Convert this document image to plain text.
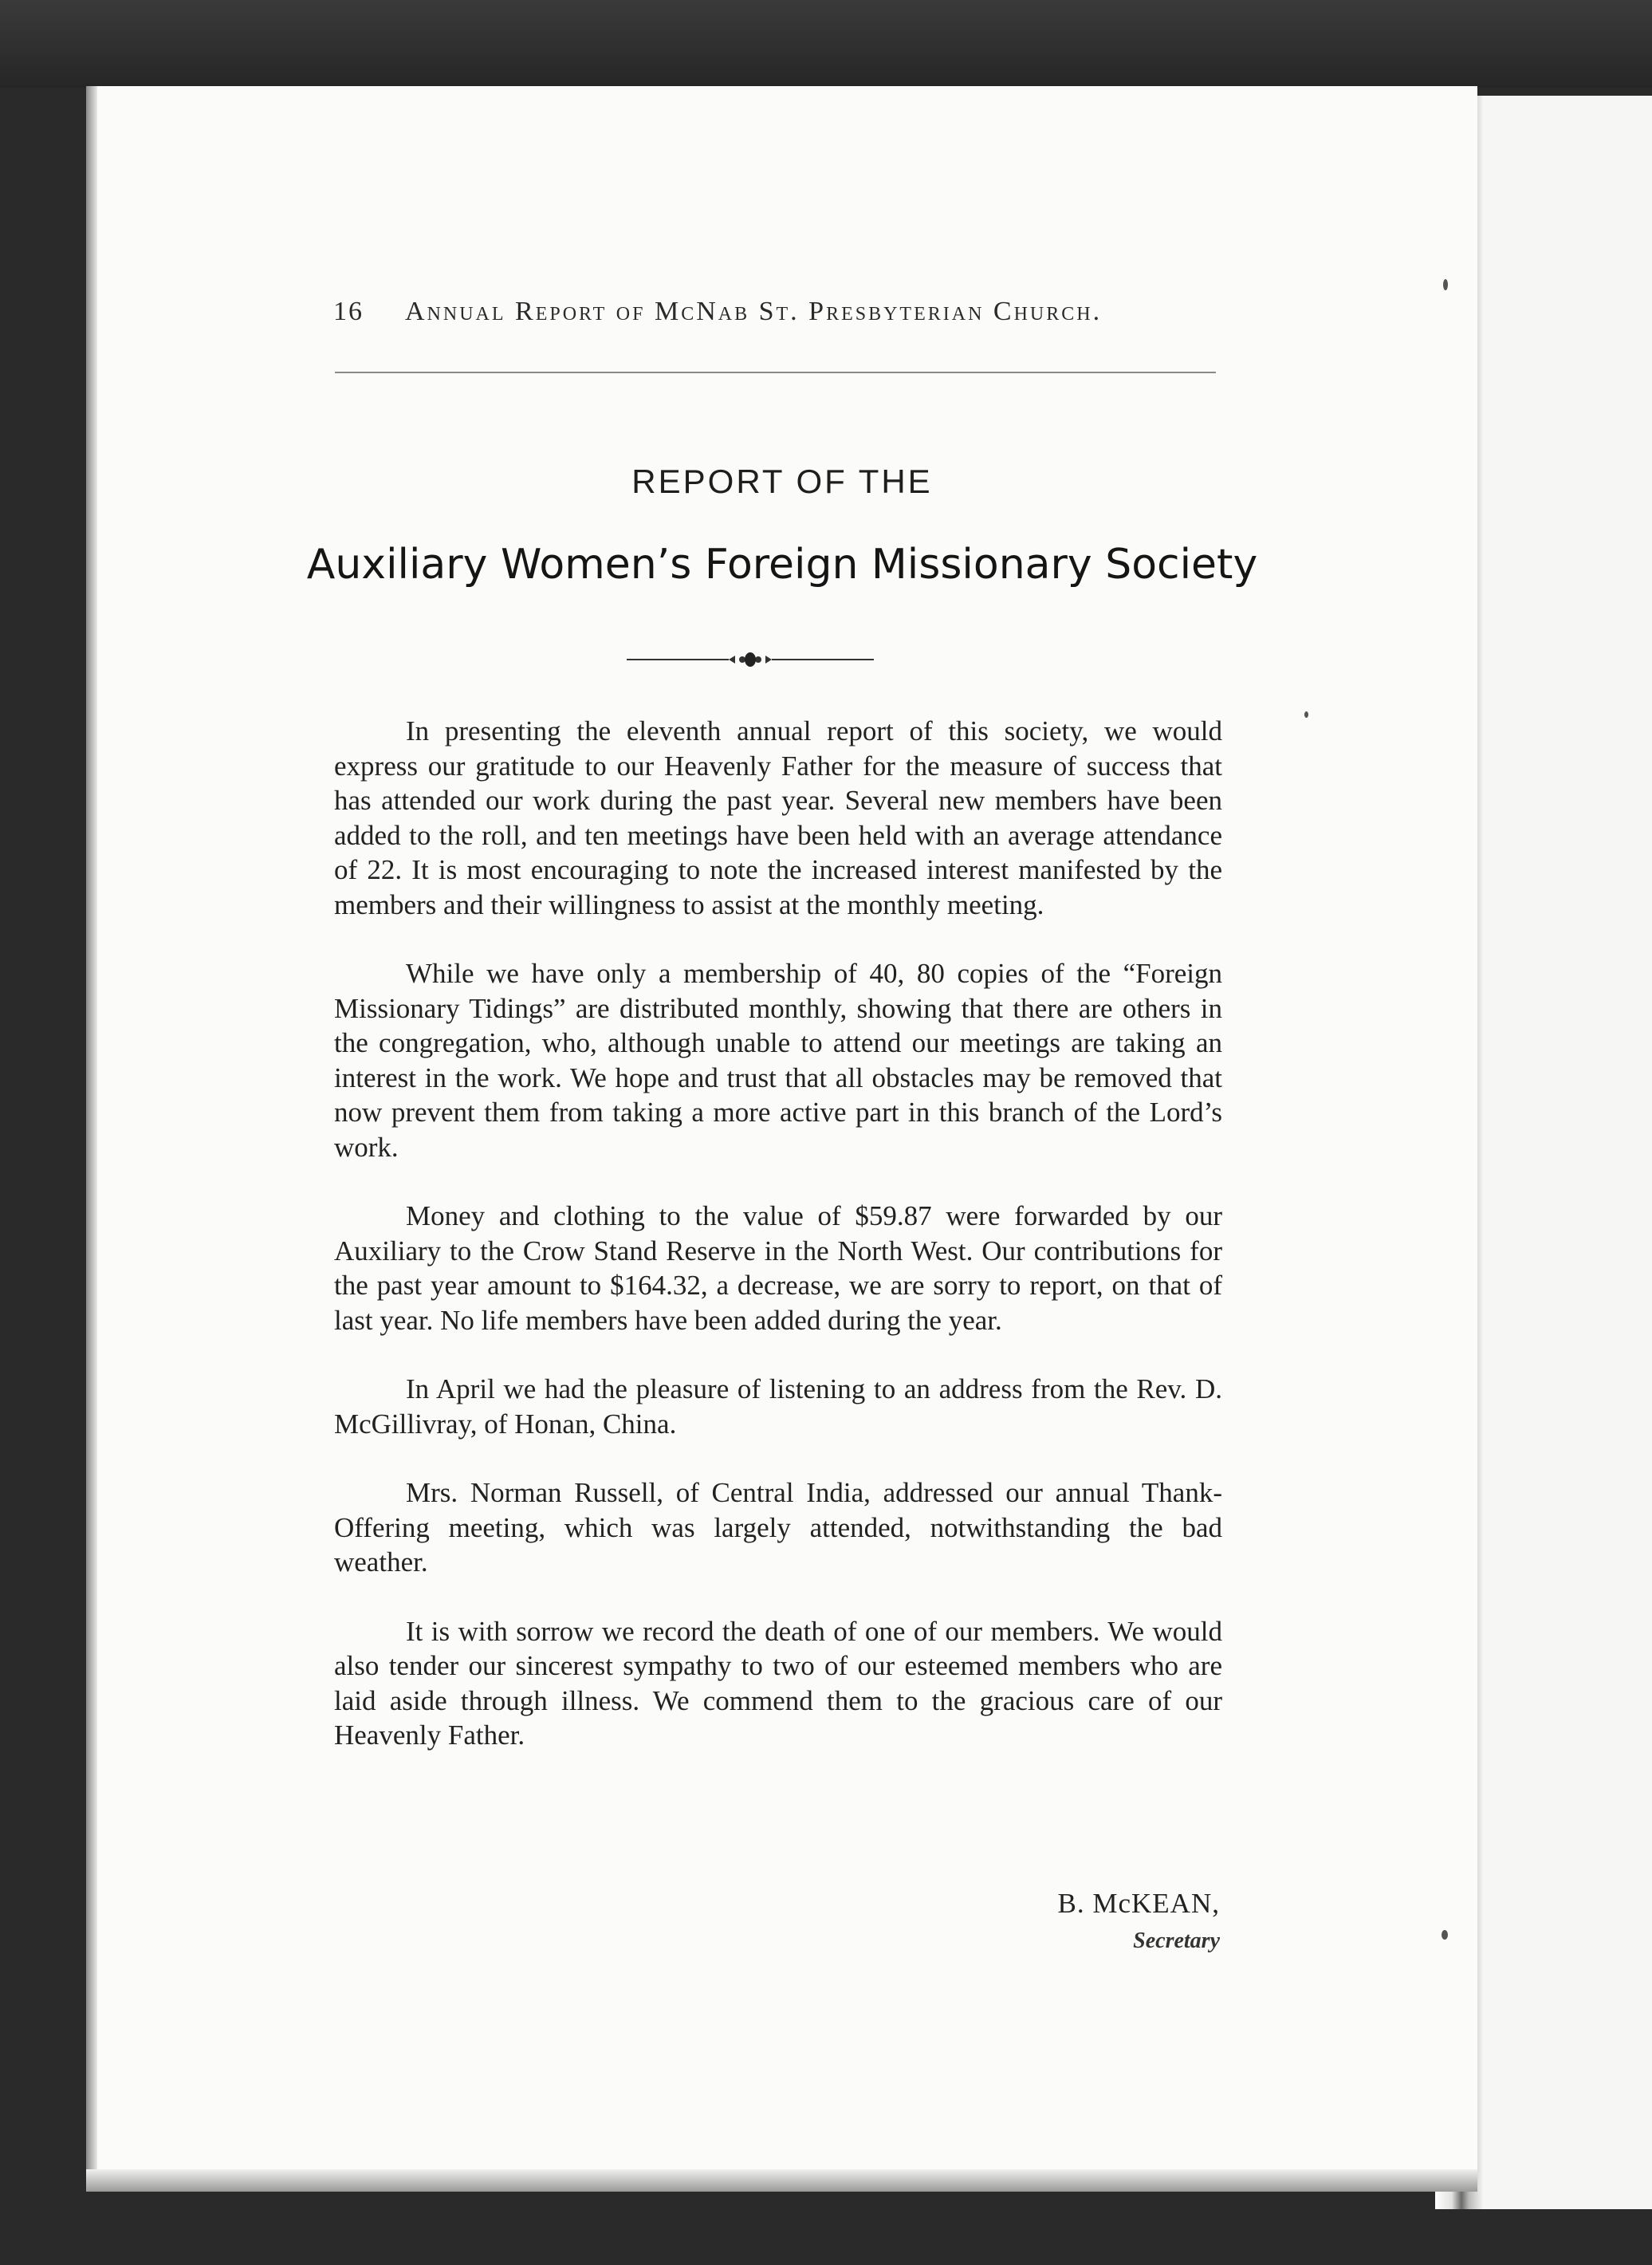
16 Annual Report of McNab St. Presbyterian Church.
REPORT OF THE
Auxiliary Women’s Foreign Missionary Society

In presenting the eleventh annual report of this society, we would express our gratitude to our Heavenly Father for the measure of success that has attended our work during the past year. Several new members have been added to the roll, and ten meetings have been held with an average attendance of 22. It is most encouraging to note the increased interest manifested by the members and their willingness to assist at the monthly meeting.

While we have only a membership of 40, 80 copies of the “Foreign Missionary Tidings” are distributed monthly, showing that there are others in the congregation, who, although unable to attend our meetings are taking an interest in the work. We hope and trust that all obstacles may be removed that now prevent them from taking a more active part in this branch of the Lord’s work.

Money and clothing to the value of $59.87 were forwarded by our Auxiliary to the Crow Stand Reserve in the North West. Our contributions for the past year amount to $164.32, a decrease, we are sorry to report, on that of last year. No life members have been added during the year.

In April we had the pleasure of listening to an address from the Rev. D. McGillivray, of Honan, China.

Mrs. Norman Russell, of Central India, addressed our annual Thank-Offering meeting, which was largely attended, notwithstanding the bad weather.

It is with sorrow we record the death of one of our members. We would also tender our sincerest sympathy to two of our esteemed members who are laid aside through illness. We commend them to the gracious care of our Heavenly Father.

B. McKEAN,
Secretary
